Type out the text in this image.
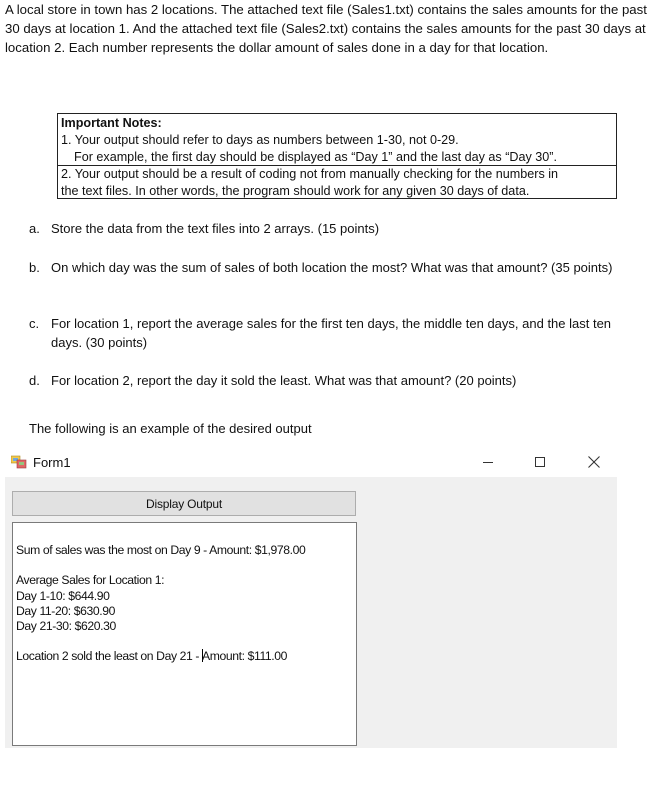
A local store in town has 2 locations. The attached text file (Sales1.txt) contains the sales amounts for the past 30 days at location 1. And the attached text file (Sales2.txt) contains the sales amounts for the past 30 days at location 2. Each number represents the dollar amount of sales done in a day for that location.

Important Notes:
1. Your output should refer to days as numbers between 1-30, not 0-29.
For example, the first day should be displayed as “Day 1” and the last day as “Day 30”.
2. Your output should be a result of coding not from manually checking for the numbers in
the text files. In other words, the program should work for any given 30 days of data.
a. Store the data from the text files into 2 arrays. (15 points)
b. On which day was the sum of sales of both location the most? What was that amount? (35 points)
c. For location 1, report the average sales for the first ten days, the middle ten days, and the last ten days. (30 points)
d. For location 2, report the day it sold the least. What was that amount? (20 points)
The following is an example of the desired output
Form1
Display Output
Sum of sales was the most on Day 9 - Amount: $1,978.00
Average Sales for Location 1:
Day 1-10: $644.90
Day 11-20: $630.90
Day 21-30: $620.30
Location 2 sold the least on Day 21 - Amount: $111.00
